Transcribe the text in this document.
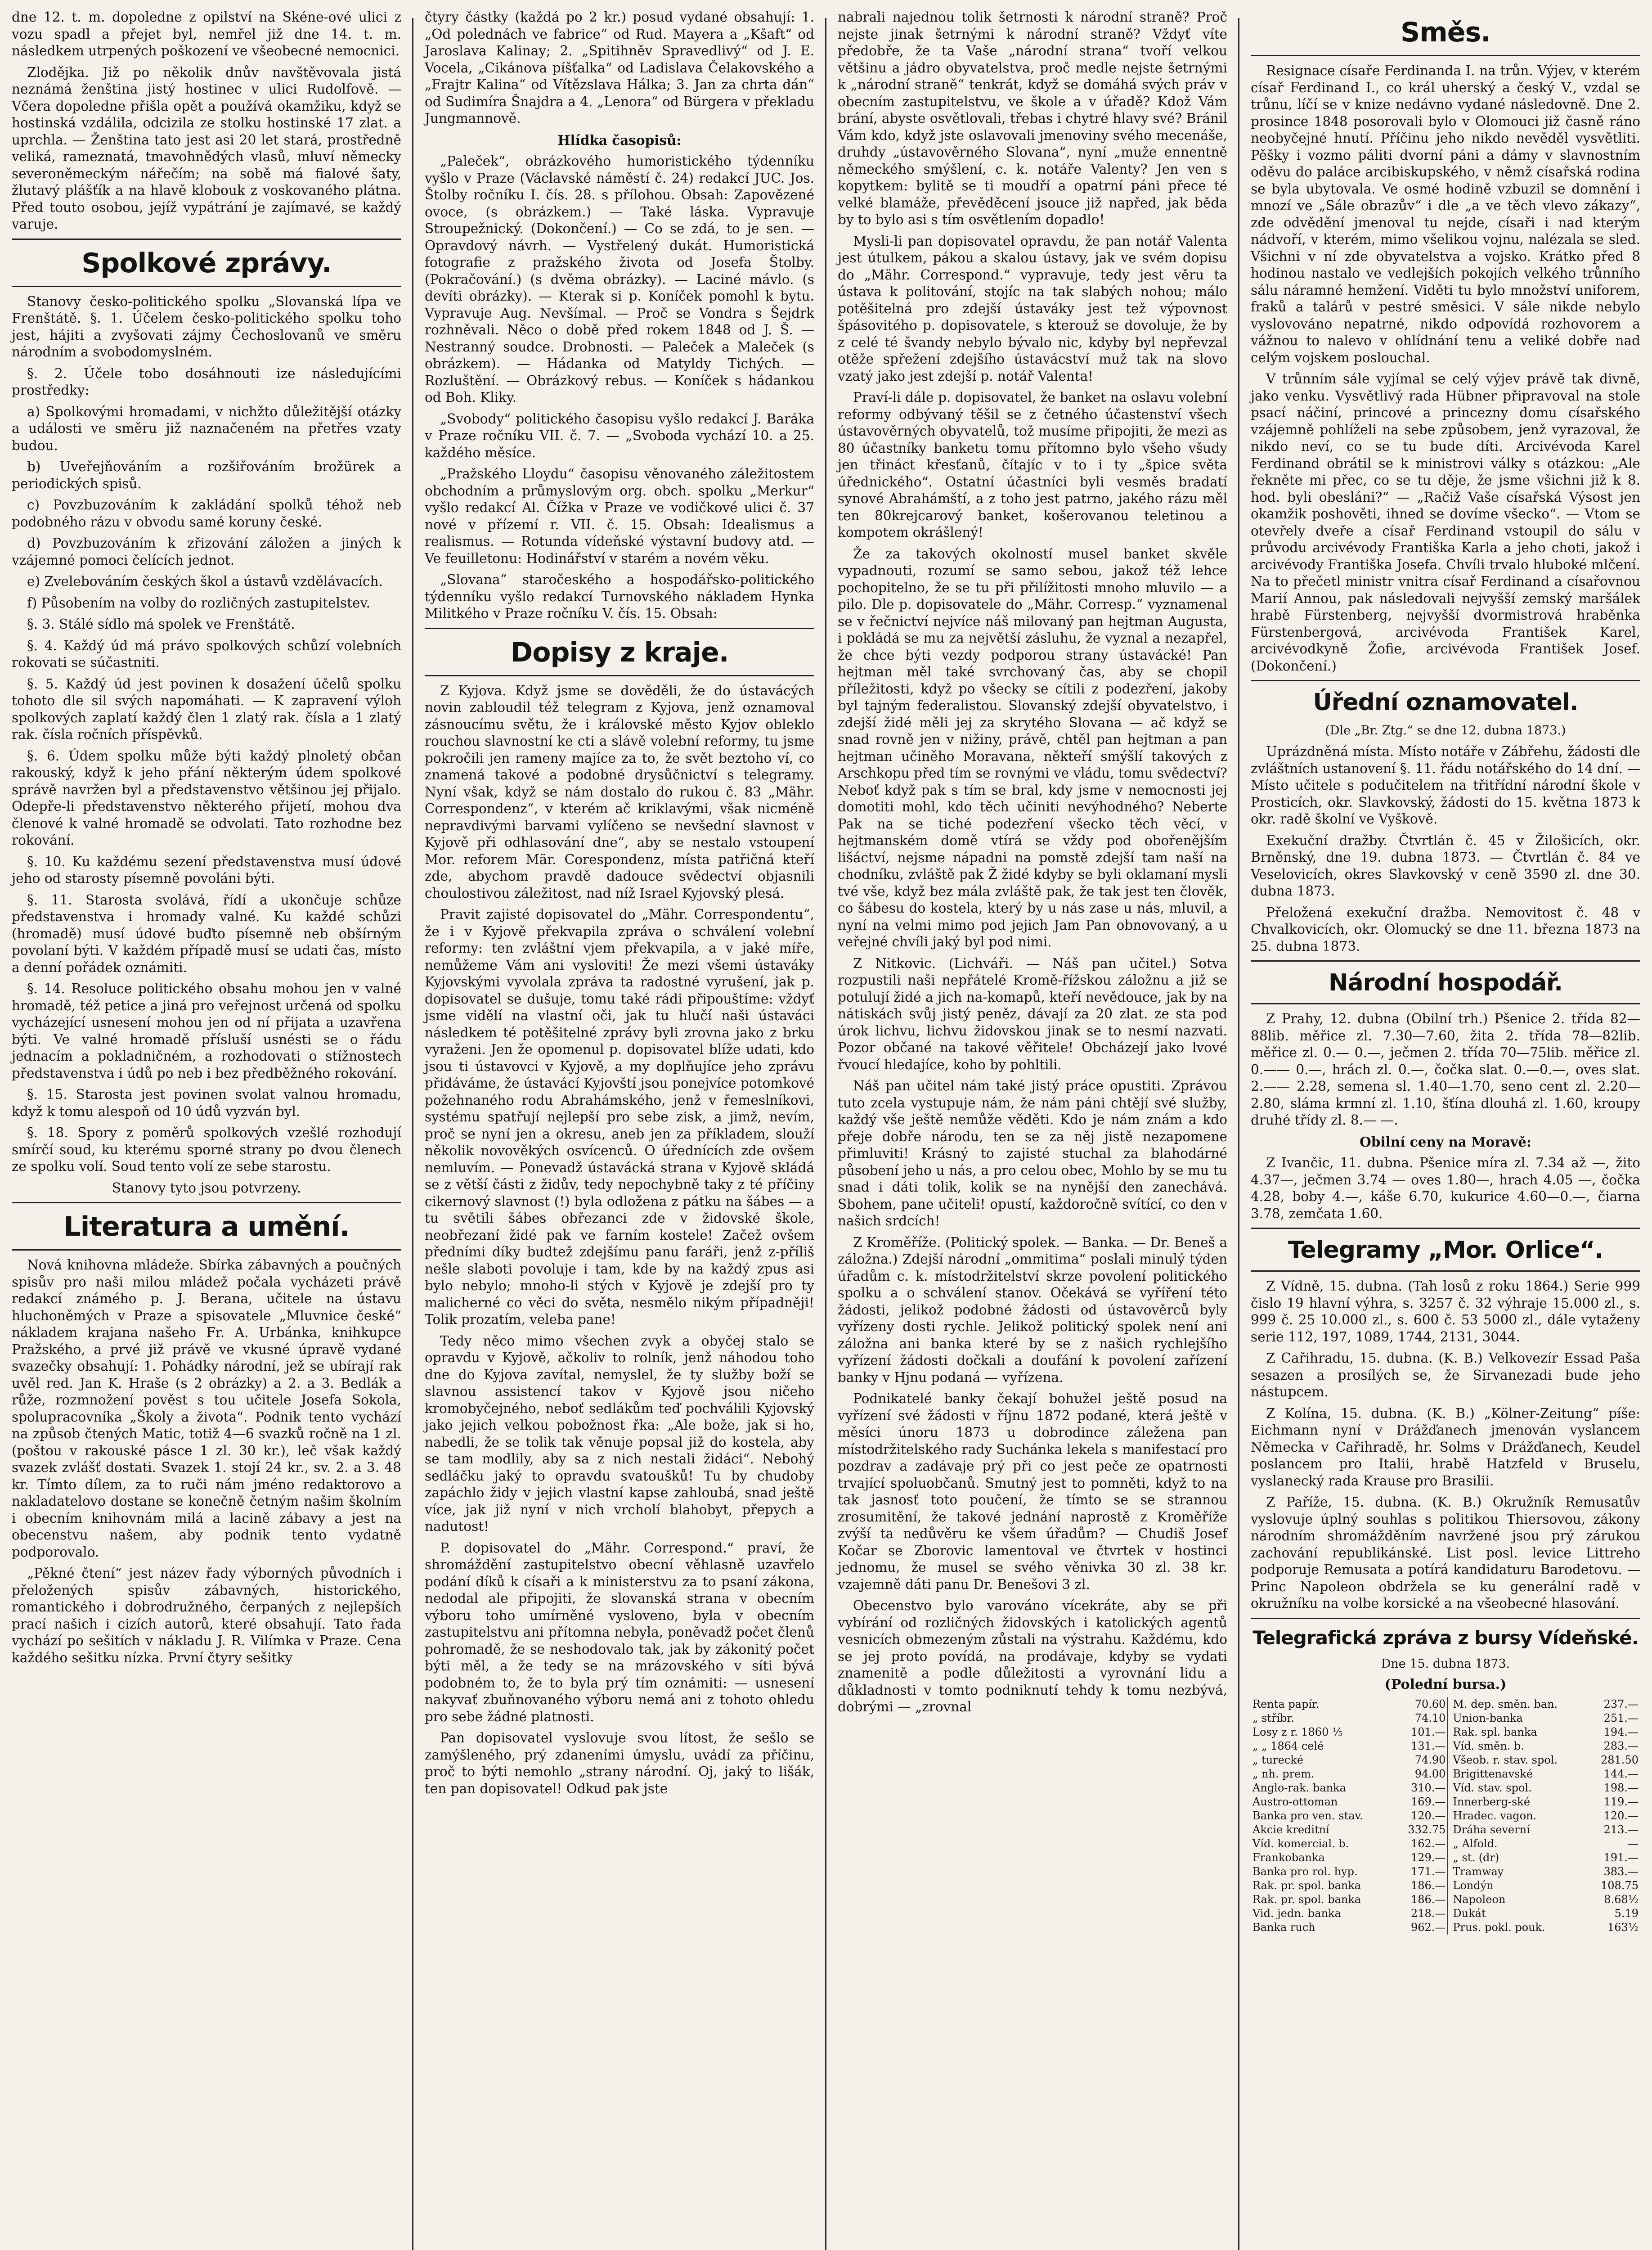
dne 12. t. m. dopoledne z opilství na Skéne-ové ulici z vozu spadl a přejet byl, nemřel již dne 14. t. m. následkem utrpených poškození ve všeobecné nemocnici.

Zlodějka. Již po několik dnův navštěvovala jistá neznámá ženština jistý hostinec v ulici Rudolfově. — Včera dopoledne přišla opět a používá okamžiku, když se hostinská vzdálila, odcizila ze stolku hostinské 17 zlat. a uprchla. — Ženština tato jest asi 20 let stará, prostředně veliká, rameznatá, tmavohnědých vlasů, mluví německy severoněmeckým nářečím; na sobě má fialové šaty, žlutavý plášťík a na hlavě klobouk z voskovaného plátna. Před touto osobou, jejíž vypátrání je zajímavé, se každý varuje.

Spolkové zprávy.

Stanovy česko-politického spolku „Slovanská lípa ve Frenštátě. §. 1. Účelem česko-politického spolku toho jest, hájiti a zvyšovati zájmy Čechoslovanů ve směru národním a svobodomyslném.

§. 2. Účele tobo dosáhnouti ize následujícími prostředky:

a) Spolkovými hromadami, v nichžto důležitější otázky a události ve směru již naznačeném na přetřes vzaty budou.

b) Uveřejňováním a rozšiřováním brožürek a periodických spisů.

c) Povzbuzováním k zakládání spolků téhož neb podobného rázu v obvodu samé koruny české.

d) Povzbuzováním k zřizování záložen a jiných k vzájemné pomoci čelících jednot.

e) Zvelebováním českých škol a ústavů vzdělávacích.

f) Působením na volby do rozličných zastupitelstev.

§. 3. Stálé sídlo má spolek ve Frenštátě.

§. 4. Každý úd má právo spolkových schůzí volebních rokovati se súčastniti.

§. 5. Každý úd jest povinen k dosažení účelů spolku tohoto dle sil svých napomáhati. — K zapravení výloh spolkových zaplatí každý člen 1 zlatý rak. čísla a 1 zlatý rak. čísla ročních příspěvků.

§. 6. Údem spolku může býti každý plnoletý občan rakouský, když k jeho přání některým údem spolkové správě navržen byl a představenstvo většinou jej přijalo. Odepře-li představenstvo některého přijetí, mohou dva členové k valné hromadě se odvolati. Tato rozhodne bez rokování.

§. 10. Ku každému sezení představenstva musí údové jeho od starosty písemně povoláni býti.

§. 11. Starosta svolává, řídí a ukončuje schůze představenstva i hromady valné. Ku každé schůzi (hromadě) musí údové buďto písemně neb obšírným povolaní býti. V každém případě musí se udati čas, místo a denní pořádek oznámiti.

§. 14. Resoluce politického obsahu mohou jen v valné hromadě, též petice a jiná pro veřejnost určená od spolku vycházející usnesení mohou jen od ní přijata a uzavřena býti. Ve valné hromadě přísluší usnésti se o řádu jednacím a pokladničném, a rozhodovati o stížnostech představenstva i údů po neb i bez předběžného rokování.

§. 15. Starosta jest povinen svolat valnou hromadu, když k tomu alespoň od 10 údů vyzván byl.

§. 18. Spory z poměrů spolkových vzešlé rozhodují smírčí soud, ku kterému sporné strany po dvou členech ze spolku volí. Soud tento volí ze sebe starostu.

Stanovy tyto jsou potvrzeny.

Literatura a umění.

Nová knihovna mládeže. Sbírka zábavných a poučných spisův pro naši milou mládež počala vycházeti právě redakcí známého p. J. Berana, učitele na ústavu hluchoněmých v Praze a spisovatele „Mluvnice české“ nákladem krajana našeho Fr. A. Urbánka, knihkupce Pražského, a prvé již právě ve vkusné úpravě vydané svazečky obsahují: 1. Pohádky národní, jež se ubírají rak uvěl red. Jan K. Hraše (s 2 obrázky) a 2. a 3. Bedlák a růže, rozmnožení pověst s tou učitele Josefa Sokola, spolupracovníka „Školy a života“. Podnik tento vychází na způsob čtených Matic, totiž 4—6 svazků ročně na 1 zl. (poštou v rakouské pásce 1 zl. 30 kr.), leč však každý svazek zvlášť dostati. Svazek 1. stojí 24 kr., sv. 2. a 3. 48 kr. Tímto dílem, za to ruči nám jméno redaktorovo a nakladatelovo dostane se konečně četným našim školním i obecním knihovnám milá a lacině zábavy a jest na obecenstvu našem, aby podnik tento vydatně podporovalo.

„Pěkné čtení“ jest název řady výborných původních i přeložených spisův zábavných, historického, romantického i dobrodružného, čerpaných z nejlepších prací našich i cizích autorů, které obsahují. Tato řada vychází po sešitích v nákladu J. R. Vilímka v Praze. Cena každého sešitku nízka. První čtyry sešitky

čtyry částky (každá po 2 kr.) posud vydané obsahují: 1. „Od polednách ve fabrice“ od Rud. Mayera a „Kšaft“ od Jaroslava Kalinay; 2. „Spitihněv Spravedlivý“ od J. E. Vocela, „Cikánova píšťalka“ od Ladislava Čelakovského a „Frajtr Kalina“ od Vítězslava Hálka; 3. Jan za chrta dán“ od Sudimíra Šnajdra a 4. „Lenora“ od Bürgera v překladu Jungmannově.

Hlídka časopisů:

„Paleček“, obrázkového humoristického týdenníku vyšlo v Praze (Václavské náměstí č. 24) redakcí JUC. Jos. Štolby ročníku I. čís. 28. s přílohou. Obsah: Zapovězené ovoce, (s obrázkem.) — Také láska. Vypravuje Stroupežnický. (Dokončení.) — Co se zdá, to je sen. — Opravdový návrh. — Vystřelený dukát. Humoristická fotografie z pražského života od Josefa Štolby. (Pokračování.) (s dvěma obrázky). — Laciné mávlo. (s devíti obrázky). — Kterak si p. Koníček pomohl k bytu. Vypravuje Aug. Nevšímal. — Proč se Vondra s Šejdrk rozhněvali. Něco o době před rokem 1848 od J. Š. — Nestranný soudce. Drobnosti. — Paleček a Maleček (s obrázkem). — Hádanka od Matyldy Tichých. — Rozluštění. — Obrázkový rebus. — Koníček s hádankou od Boh. Kliky.

„Svobody“ politického časopisu vyšlo redakcí J. Baráka v Praze ročníku VII. č. 7. — „Svoboda vychází 10. a 25. každého měsíce.

„Pražského Lloydu“ časopisu věnovaného záležitostem obchodním a průmyslovým org. obch. spolku „Merkur“ vyšlo redakcí Al. Čížka v Praze ve vodičkové ulici č. 37 nové v přízemí r. VII. č. 15. Obsah: Idealismus a realismus. — Rotunda vídeňské výstavní budovy atd. — Ve feuilletonu: Hodinářství v starém a novém věku.

„Slovana“ staročeského a hospodářsko-politického týdenníku vyšlo redakcí Turnovského nákladem Hynka Militkého v Praze ročníku V. čís. 15. Obsah:

Dopisy z kraje.

Z Kyjova. Když jsme se dověděli, že do ústavácých novin zabloudil též telegram z Kyjova, jenž oznamoval zásnoucímu světu, že i královské město Kyjov obleklo rouchou slavnostní ke cti a slávě volební reformy, tu jsme pokročili jen rameny majíce za to, že svět beztoho ví, co znamená takové a podobné drysůčnictví s telegramy. Nyní však, když se nám dostalo do rukou č. 83 „Mähr. Correspondenz“, v kterém ač kriklavými, však nicméně nepravdivými barvami vylíčeno se nevšední slavnost v Kyjově při odhlasování dne“, aby se nestalo vstoupení Mor. reforem Mär. Corespondenz, místa patřičná kteří zde, abychom pravdě dadouce svědectví objasnili choulostivou záležitost, nad níž Israel Kyjovský plesá.

Pravit zajisté dopisovatel do „Mähr. Correspondentu“, že i v Kyjově překvapila zpráva o schválení volební reformy: ten zvláštní vjem překvapila, a v jaké míře, nemůžeme Vám ani vysloviti! Že mezi všemi ústaváky Kyjovskými vyvolala zpráva ta radostné vyrušení, jak p. dopisovatel se dušuje, tomu také rádi připouštíme: vždyť jsme vidělí na vlastní oči, jak tu hlučí naši ústaváci následkem té potěšitelné zprávy byli zrovna jako z brku vyraženi. Jen že opomenul p. dopisovatel blíže udati, kdo jsou ti ústavovci v Kyjově, a my doplňujíce jeho zprávu přidáváme, že ústavácí Kyjovští jsou ponejvíce potomkové požehnaného rodu Abrahámského, jenž v řemeslníkovi, systému spatřují nejlepší pro sebe zisk, a jimž, nevím, proč se nyní jen a okresu, aneb jen za příkladem, slouží několik novověkých osvícenců. O úřednících zde ovšem nemluvím. — Ponevadž ústavácká strana v Kyjově skládá se z větší části z židův, tedy nepochybně taky z té příčiny cikernový slavnost (!) byla odložena z pátku na šábes — a tu světili šábes obřezanci zde v židovské škole, neobřezaní židé pak ve farním kostele! Začež ovšem předními díky budtež zdejšímu panu faráři, jenž z-příliš nešle slaboti povoluje i tam, kde by na každý zpus asi bylo nebylo; mnoho-li stých v Kyjově je zdejší pro ty malicherné co věci do světa, nesmělo nikým případněji! Tolik prozatím, veleba pane!

Tedy něco mimo všechen zvyk a obyčej stalo se opravdu v Kyjově, ačkoliv to rolník, jenž náhodou toho dne do Kyjova zavítal, nemyslel, že ty služby boží se slavnou assistencí takov v Kyjově jsou ničeho kromobyčejného, neboť sedlákům teď pochválili Kyjovský jako jejich velkou pobožnost řka: „Ale bože, jak si ho, nabedli, že se tolik tak věnuje popsal již do kostela, aby se tam modlily, aby sa z nich nestali židáci“. Nebohý sedláčku jaký to opravdu svatoušků! Tu by chudoby zapáchlo židy v jejich vlastní kapse zahloubá, snad ještě více, jak již nyní v nich vrcholí blahobyt, přepych a nadutost!

P. dopisovatel do „Mähr. Correspond.“ praví, že shromáždění zastupitelstvo obecní věhlasně uzavřelo podání díků k císaři a k ministerstvu za to psaní zákona, nedodal ale připojiti, že slovanská strana v obecním výboru toho umírněné vysloveno, byla v obecním zastupitelstvu ani přítomna nebyla, poněvadž počet členů pohromadě, že se neshodovalo tak, jak by zákonitý počet býti měl, a že tedy se na mrázovského v síti bývá podobném to, že to byla prý tím oznámiti: — usnesení nakyvať zbuňnovaného výboru nemá ani z tohoto ohledu pro sebe žádné platnosti.

Pan dopisovatel vyslovuje svou lítost, že sešlo se zamýšleného, prý zdaneními úmyslu, uvádí za příčinu, proč to býti nemohlo „strany národní. Oj, jaký to lišák, ten pan dopisovatel! Odkud pak jste

nabrali najednou tolik šetrnosti k národní straně? Proč nejste jinak šetrnými k národní straně? Vždyť víte předobře, že ta Vaše „národní strana“ tvoří velkou většinu a jádro obyvatelstva, proč medle nejste šetrnými k „národní straně“ tenkrát, když se domáhá svých práv v obecním zastupitelstvu, ve škole a v úřadě? Kdož Vám brání, abyste osvětlovali, třebas i chytré hlavy své? Bránil Vám kdo, když jste oslavovali jmenoviny svého mecenáše, druhdy „ústavověrného Slovana“, nyní „muže ennentně německého smýšlení, c. k. notáře Valenty? Jen ven s kopytkem: bylitě se ti moudří a opatrní páni přece té velké blamáže, převěděcení jsouce již napřed, jak běda by to bylo asi s tím osvětlením dopadlo!

Mysli-li pan dopisovatel opravdu, že pan notář Valenta jest útulkem, pákou a skalou ústavy, jak ve svém dopisu do „Mähr. Correspond.“ vypravuje, tedy jest věru ta ústava k politování, stojíc na tak slabých nohou; málo potěšitelná pro zdejší ústaváky jest tež výpovnost špásovitého p. dopisovatele, s kterouž se dovoluje, že by z celé té švandy nebylo bývalo nic, kdyby byl nepřevzal otěže spřežení zdejšího ústavácství muž tak na slovo vzatý jako jest zdejší p. notář Valenta!

Praví-li dále p. dopisovatel, že banket na oslavu volební reformy odbývaný těšil se z četného účastenství všech ústavověrných obyvatelů, tož musíme připojiti, že mezi as 80 účastníky banketu tomu přítomno bylo všeho všudy jen třináct křesťanů, čítajíc v to i ty „špice světa úřednického“. Ostatní účastníci byli vesměs bradatí synové Abrahámští, a z toho jest patrno, jakého rázu měl ten 80krejcarový banket, košerovanou teletinou a kompotem okrášlený!

Že za takových okolností musel banket skvěle vypadnouti, rozumí se samo sebou, jakož též lehce pochopitelno, že se tu při přilížitosti mnoho mluvilo — a pilo. Dle p. dopisovatele do „Mähr. Corresp.“ vyznamenal se v řečnictví nejvíce náš milovaný pan hejtman Augusta, i pokládá se mu za největší zásluhu, že vyznal a nezapřel, že chce býti vezdy podporou strany ústavácké! Pan hejtman měl také svrchovaný čas, aby se chopil příležitosti, když po všecky se cítili z podezření, jakoby byl tajným federalistou. Slovanský zdejší obyvatelstvo, i zdejší židé měli jej za skrytého Slovana — ač když se snad rovně jen v nižiny, právě, chtěl pan hejtman a pan hejtman učiněho Moravana, někteří smýšlí takových z Arschkopu před tím se rovnými ve vládu, tomu svědectví? Neboť když pak s tím se bral, kdy jsme v nemocnosti jej domotiti mohl, kdo těch učiniti nevýhodného? Neberte Pak na se tiché podezření všecko těch věcí, v hejtmanském domě vtírá se vždy pod obořenějším lišáctví, nejsme nápadni na pomstě zdejší tam naší na chodníku, zvláště pak Ž židé kdyby se byli oklamaní mysli tvé vše, když bez mála zvláště pak, že tak jest ten člověk, co šábesu do kostela, který by u nás zase u nás, mluvil, a nyní na velmi mimo pod jejich Jam Pan obnovovaný, a u veřejné chvíli jaký byl pod nimi.

Z Nitkovic. (Lichváři. — Náš pan učitel.) Sotva rozpustili naši nepřátelé Kromě-řížskou záložnu a již se potulují židé a jich na-komapů, kteří nevědouce, jak by na nátiskách svůj jistý peněz, dávají za 20 zlat. ze sta pod úrok lichvu, lichvu židovskou jinak se to nesmí nazvati. Pozor občané na takové věřitele! Obcházejí jako lvové řvoucí hledajíce, koho by pohltili.

Náš pan učitel nám také jistý práce opustiti. Zprávou tuto zcela vystupuje nám, že nám páni chtějí své služby, každý vše ještě nemůže věděti. Kdo je nám znám a kdo přeje dobře národu, ten se za něj jistě nezapomene přimluviti! Krásný to zajisté stuchal za blahodárné působení jeho u nás, a pro celou obec, Mohlo by se mu tu snad i dáti tolik, kolik se na nynější den zanechává. Sbohem, pane učiteli! opustí, každoročně svítící, co den v našich srdcích!

Z Kroměříže. (Politický spolek. — Banka. — Dr. Beneš a záložna.) Zdejší národní „ommitima“ poslali minulý týden úřadům c. k. místodržitelství skrze povolení politického spolku a o schválení stanov. Očekává se vyříření této žádosti, jelikož podobné žádosti od ústavověrců byly vyřízeny dosti rychle. Jelikož politický spolek není ani záložna ani banka které by se z našich rychlejšího vyřízení žádosti dočkali a doufání k povolení zařízení banky v Hjnu podaná — vyřízena.

Podnikatelé banky čekají bohužel ještě posud na vyřízení své žádosti v říjnu 1872 podané, která ještě v měsíci únoru 1873 u dobrodince záležena pan místodržitelského rady Suchánka lekela s manifestací pro pozdrav a zadávaje prý při co jest peče ze opatrnosti trvající spoluobčanů. Smutný jest to pomněti, když to na tak jasnosť toto poučení, že tímto se se strannou zrosumitění, že takové jednání naprostě z Kroměříže zvýší ta nedůvěru ke všem úřadům? — Chudiš Josef Kočar se Zborovic lamentoval ve čtvrtek v hostinci jednomu, že musel se svého věnivka 30 zl. 38 kr. vzajemně dáti panu Dr. Benešovi 3 zl.

Obecenstvo bylo varováno vícekráte, aby se při vybírání od rozličných židovských i katolických agentů vesnicích obmezeným zůstali na výstrahu. Každému, kdo se jej proto povídá, na prodávaje, kdyby se vydati znamenitě a podle důležitosti a vyrovnání lidu a důkladnosti v tomto podniknutí tehdy k tomu nezbývá, dobrými — „zrovnal

Směs.

Resignace císaře Ferdinanda I. na trůn. Výjev, v kterém císař Ferdinand I., co král uherský a český V., vzdal se trůnu, líčí se v knize nedávno vydané následovně. Dne 2. prosince 1848 posorovali bylo v Olomouci již časně ráno neobyčejné hnutí. Příčinu jeho nikdo nevěděl vysvětliti. Pěšky i vozmo páliti dvorní páni a dámy v slavnostním oděvu do paláce arcibiskupského, v němž císařská rodina se byla ubytovala. Ve osmé hodině vzbuzil se domnění i mnozí ve „Sále obrazův“ i dle „a ve těch vlevo zákazy“, zde odvědění jmenoval tu nejde, císaři i nad kterým nádvoří, v kterém, mimo všelikou vojnu, nalézala se sled. Všichni v ní zde obyvatelstva a vojsko. Krátko před 8 hodinou nastalo ve vedlejších pokojích velkého trůnního sálu náramné hemžení. Viděti tu bylo množství uniforem, fraků a talárů v pestré směsici. V sále nikde nebylo vyslovováno nepatrné, nikdo odpovídá rozhovorem a vážnou to nalevo v ohlídnání tenu a veliké dobře nad celým vojskem poslouchal.

V trůnním sále vyjímal se celý výjev právě tak divně, jako venku. Vysvětlivý rada Hübner připravoval na stole psací náčiní, princové a princezny domu císařského vzájemně pohlíželi na sebe způsobem, jenž vyrazoval, že nikdo neví, co se tu bude díti. Arcivévoda Karel Ferdinand obrátil se k ministrovi války s otázkou: „Ale řekněte mi přec, co se tu děje, že jsme všichni již k 8. hod. byli obesláni?“ — „Račiž Vaše císařská Výsost jen okamžik poshověti, ihned se dovíme všecko“. — Vtom se otevřely dveře a císař Ferdinand vstoupil do sálu v průvodu arcivévody Františka Karla a jeho choti, jakož i arcivévody Františka Josefa. Chvíli trvalo hluboké mlčení. Na to přečetl ministr vnitra císař Ferdinand a císařovnou Marií Annou, pak následovali nejvyšší zemský maršálek hrabě Fürstenberg, nejvyšší dvormistrová hraběnka Fürstenbergová, arcivévoda František Karel, arcivévodkyně Žofie, arcivévoda František Josef. (Dokončení.)

Úřední oznamovatel.
(Dle „Br. Ztg.“ se dne 12. dubna 1873.)

Uprázdněná místa. Místo notáře v Zábřehu, žádosti dle zvláštních ustanovení §. 11. řádu notářského do 14 dní. — Místo učitele s podučitelem na třitřídní národní škole v Prosticích, okr. Slavkovský, žádosti do 15. května 1873 k okr. radě školní ve Vyškově.

Exekuční dražby. Čtvrtlán č. 45 v Žilošicích, okr. Brněnský, dne 19. dubna 1873. — Čtvrtlán č. 84 ve Veselovicích, okres Slavkovský v ceně 3590 zl. dne 30. dubna 1873.

Přeložená exekuční dražba. Nemovitost č. 48 v Chvalkovicích, okr. Olomucký se dne 11. března 1873 na 25. dubna 1873.

Národní hospodář.

Z Prahy, 12. dubna (Obilní trh.) Pšenice 2. třída 82—88lib. měřice zl. 7.30—7.60, žita 2. třída 78—82lib. měřice zl. 0.— 0.—, ječmen 2. třída 70—75lib. měřice zl. 0.—— 0.—, hrách zl. 0.—, čočka slat. 0.—0.—, oves slat. 2.—— 2.28, semena sl. 1.40—1.70, seno cent zl. 2.20—2.80, sláma krmní zl. 1.10, šťína dlouhá zl. 1.60, kroupy druhé třídy zl. 8.— —.

Obilní ceny na Moravě:

Z Ivančic, 11. dubna. Pšenice míra zl. 7.34 až —, žito 4.37—, ječmen 3.74 — oves 1.80—, hrach 4.05 —, čočka 4.28, boby 4.—, káše 6.70, kukurice 4.60—0.—, čiarna 3.78, zemčata 1.60.

Telegramy „Mor. Orlice“.

Z Vídně, 15. dubna. (Tah losů z roku 1864.) Serie 999 čislo 19 hlavní výhra, s. 3257 č. 32 výhraje 15.000 zl., s. 999 č. 25 10.000 zl., s. 600 č. 53 5000 zl., dále vytaženy serie 112, 197, 1089, 1744, 2131, 3044.

Z Cařihradu, 15. dubna. (K. B.) Velkovezír Essad Paša sesazen a prosílých se, že Sirvanezadi bude jeho nástupcem.

Z Kolína, 15. dubna. (K. B.) „Kölner-Zeitung“ píše: Eichmann nyní v Drážďanech jmenován vyslancem Německa v Cařihradě, hr. Solms v Drážďanech, Keudel poslancem pro Italii, hrabě Hatzfeld v Bruselu, vyslanecký rada Krause pro Brasilii.

Z Paříže, 15. dubna. (K. B.) Okružník Remusatův vyslovuje úplný souhlas s politikou Thiersovou, zákony národním shromážděním navržené jsou prý zárukou zachování republikánské. List posl. levice Littreho podporuje Remusata a potírá kandidaturu Barodetovu. — Princ Napoleon obdržela se ku generální radě v okružníku na volbe korsické a na všeobecné hlasování.

Telegrafická zpráva z bursy Vídeňské.
Dne 15. dubna 1873.
(Polední bursa.)
Renta papír.	70.60		M. dep. směn. ban.	237.—
„ stříbr.	74.10		Union-banka	251.—
Losy z r. 1860 ⅕	101.—		Rak. spl. banka	194.—
„ „ 1864 celé	131.—		Víd. směn. b.	283.—
„ turecké	74.90		Všeob. r. stav. spol.	281.50
„ nh. prem.	94.00		Brigittenavské	144.—
Anglo-rak. banka	310.—		Víd. stav. spol.	198.—
Austro-ottoman	169.—		Innerberg-ské	119.—
Banka pro ven. stav.	120.—		Hradec. vagon.	120.—
Akcie kreditní	332.75		Dráha severní	213.—
Víd. komercial. b.	162.—		„ Alfold.	—
Frankobanka	129.—		„ st. (dr)	191.—
Banka pro rol. hyp.	171.—		Tramway	383.—
Rak. pr. spol. banka	186.—		Londýn	108.75
Rak. pr. spol. banka	186.—		Napoleon	8.68½
Vid. jedn. banka	218.—		Dukát	5.19
Banka ruch	962.—		Prus. pokl. pouk.	163½
